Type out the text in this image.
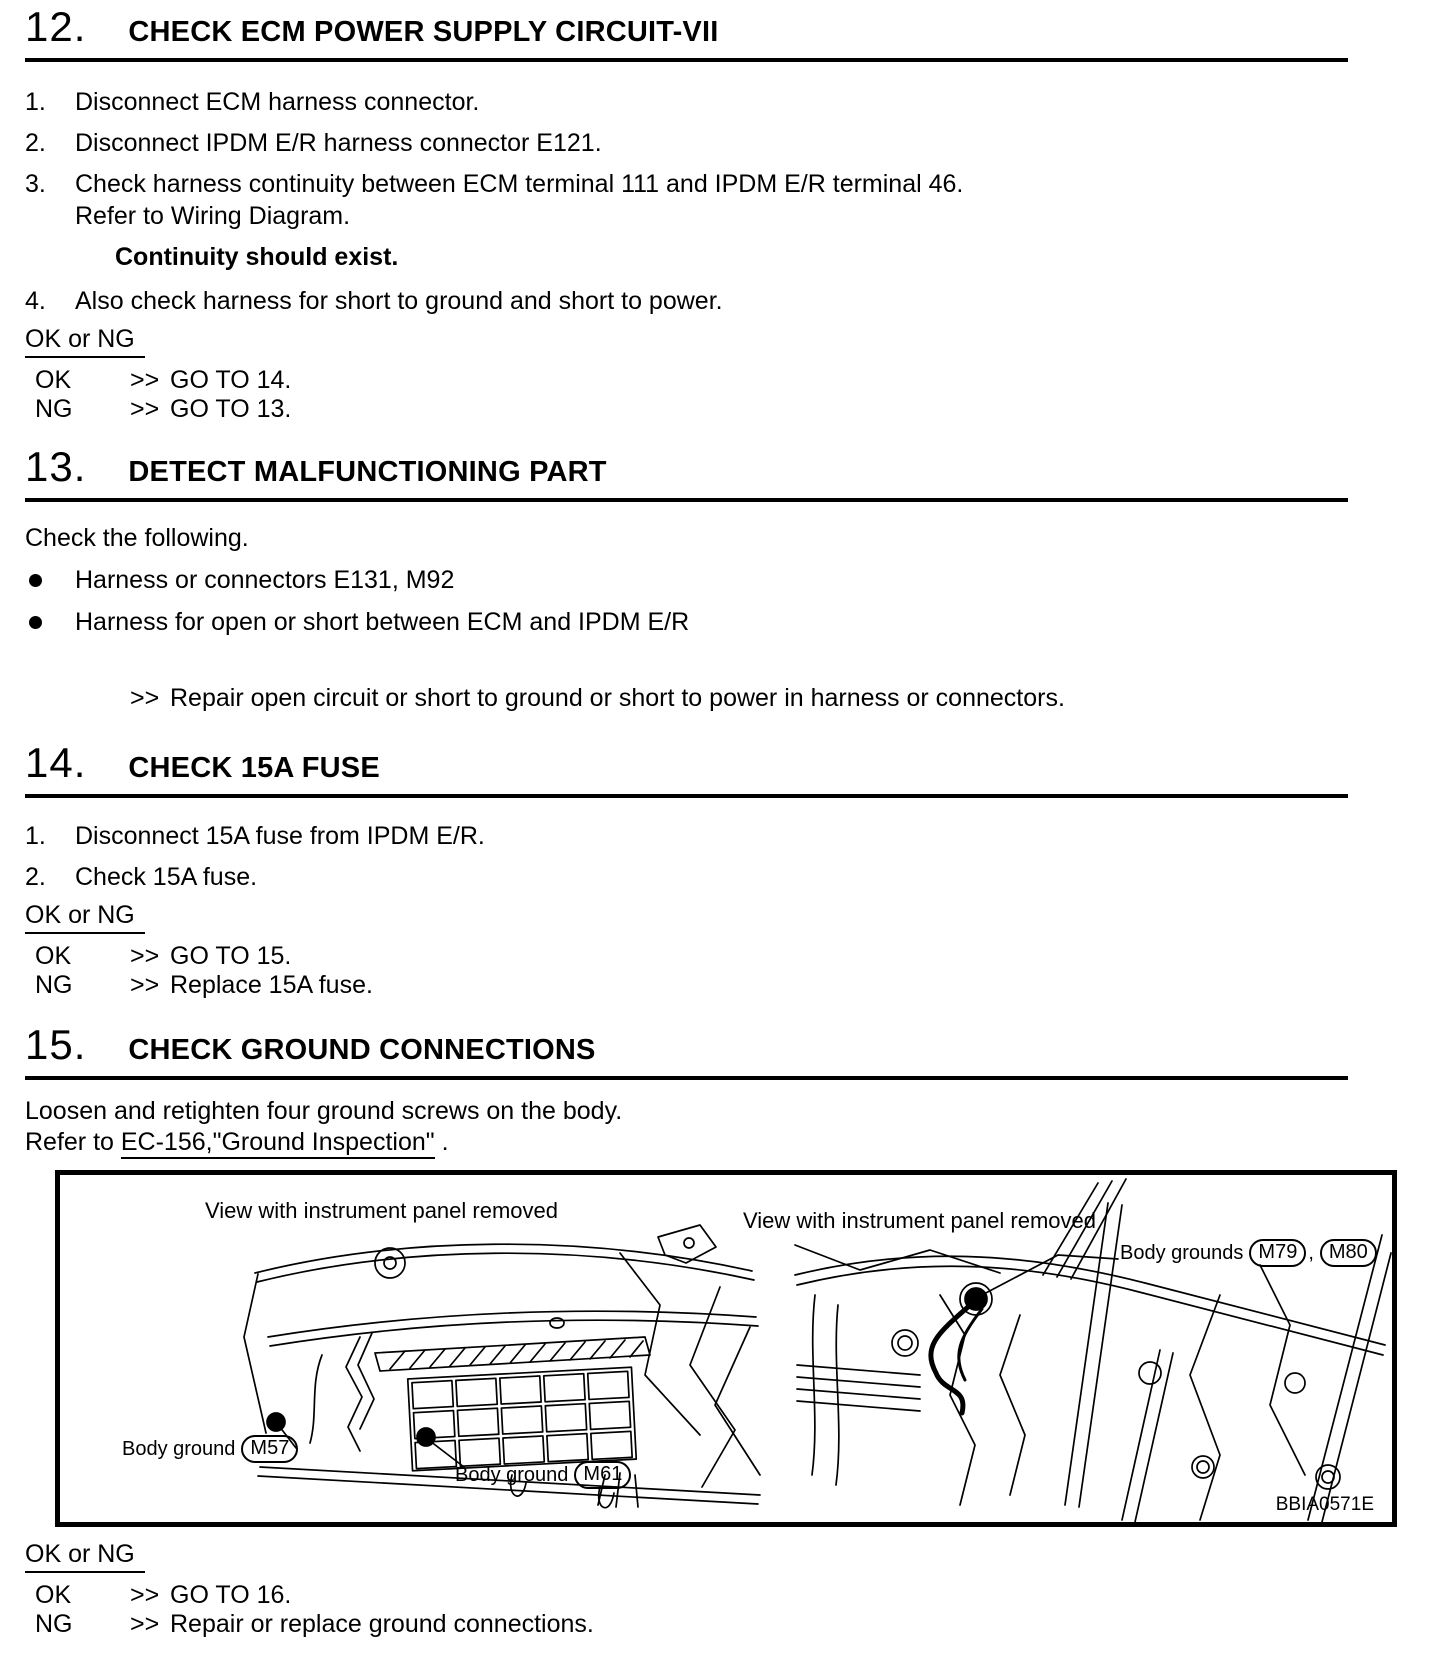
12. CHECK ECM POWER SUPPLY CIRCUIT-VII
1.	Disconnect ECM harness connector.
2.	Disconnect IPDM E/R harness connector E121.
3.	Check harness continuity between ECM terminal 111 and IPDM E/R terminal 46.
Refer to Wiring Diagram.
Continuity should exist.
4.	Also check harness for short to ground and short to power.
OK or NG
OK	>> GO TO 14.
NG	>> GO TO 13.
13. DETECT MALFUNCTIONING PART
Check the following.
Harness or connectors E131, M92
Harness for open or short between ECM and IPDM E/R
>> Repair open circuit or short to ground or short to power in harness or connectors.
14. CHECK 15A FUSE
1.	Disconnect 15A fuse from IPDM E/R.
2.	Check 15A fuse.
OK or NG
OK	>> GO TO 15.
NG	>> Replace 15A fuse.
15. CHECK GROUND CONNECTIONS
Loosen and retighten four ground screws on the body.
Refer to EC-156,"Ground Inspection" .
View with instrument panel removed	View with instrument panel removed
Body ground M57
Body ground M61
Body grounds M79 , M80
BBIA0571E
OK or NG
OK	>> GO TO 16.
NG	>> Repair or replace ground connections.
